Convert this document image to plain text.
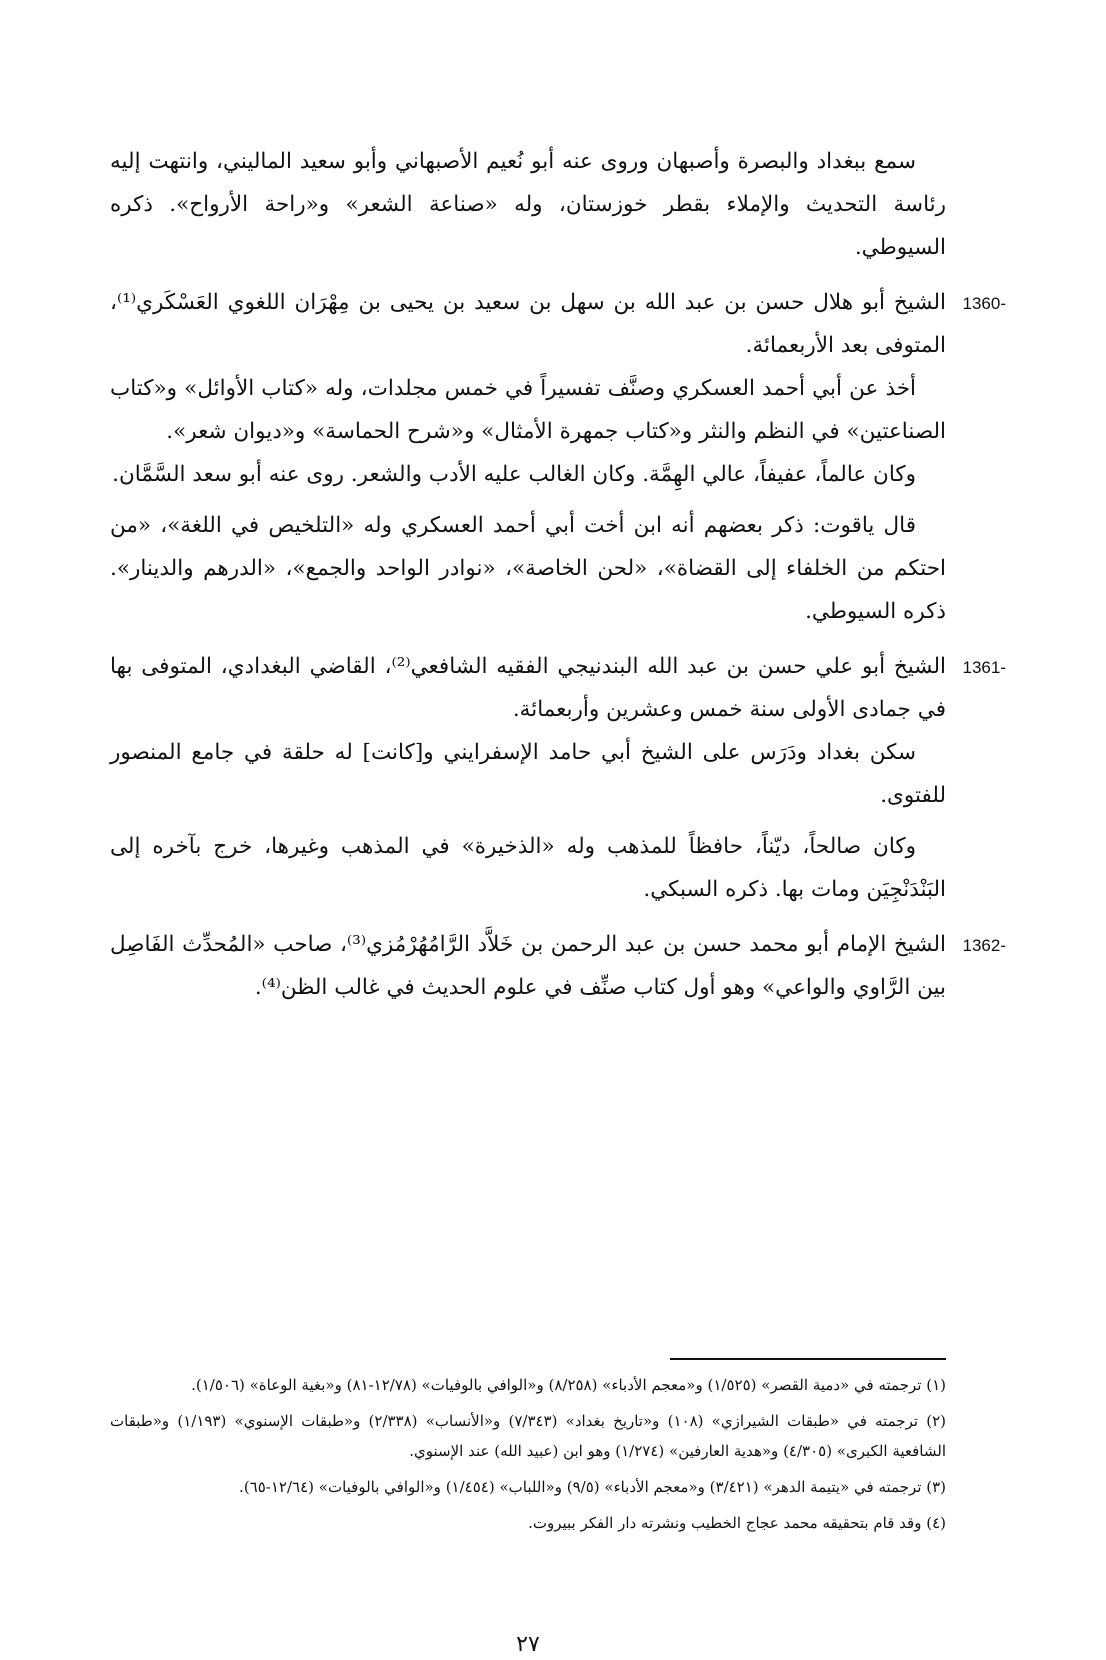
سمع ببغداد والبصرة وأصبهان وروى عنه أبو نُعيم الأصبهاني وأبو سعيد الماليني، وانتهت إليه رئاسة التحديث والإملاء بقطر خوزستان، وله «صناعة الشعر» و«راحة الأرواح». ذكره السيوطي.

1360-

الشيخ أبو هلال حسن بن عبد الله بن سهل بن سعيد بن يحيى بن مِهْرَان اللغوي العَسْكَري⁽¹⁾، المتوفى بعد الأربعمائة.

أخذ عن أبي أحمد العسكري وصنَّف تفسيراً في خمس مجلدات، وله «كتاب الأوائل» و«كتاب الصناعتين» في النظم والنثر و«كتاب جمهرة الأمثال» و«شرح الحماسة» و«ديوان شعر».

وكان عالماً، عفيفاً، عالي الهِمَّة. وكان الغالب عليه الأدب والشعر. روى عنه أبو سعد السَّمَّان.

قال ياقوت: ذكر بعضهم أنه ابن أخت أبي أحمد العسكري وله «التلخيص في اللغة»، «من احتكم من الخلفاء إلى القضاة»، «لحن الخاصة»، «نوادر الواحد والجمع»، «الدرهم والدينار». ذكره السيوطي.

1361-

الشيخ أبو علي حسن بن عبد الله البندنيجي الفقيه الشافعي⁽²⁾، القاضي البغدادي، المتوفى بها في جمادى الأولى سنة خمس وعشرين وأربعمائة.

سكن بغداد ودَرَس على الشيخ أبي حامد الإسفرايني و[كانت] له حلقة في جامع المنصور للفتوى.

وكان صالحاً، ديّناً، حافظاً للمذهب وله «الذخيرة» في المذهب وغيرها، خرج بآخره إلى البَنْدَنْجِيَن ومات بها. ذكره السبكي.

1362-

الشيخ الإمام أبو محمد حسن بن عبد الرحمن بن خَلاَّد الرَّامُهُرْمُزي⁽³⁾، صاحب «المُحدِّث الفَاصِل بين الرَّاوي والواعي» وهو أول كتاب صنِّف في علوم الحديث في غالب الظن⁽⁴⁾.

(١) ترجمته في «دمية القصر» (١/٥٢٥) و«معجم الأدباء» (٨/٢٥٨) و«الوافي بالوفيات» (١٢/٧٨-٨١) و«بغية الوعاة» (١/٥٠٦).

(٢) ترجمته في «طبقات الشيرازي» (١٠٨) و«تاريخ بغداد» (٧/٣٤٣) و«الأنساب» (٢/٣٣٨) و«طبقات الإسنوي» (١/١٩٣) و«طبقات الشافعية الكبرى» (٤/٣٠٥) و«هدية العارفين» (١/٢٧٤) وهو ابن (عبيد الله) عند الإسنوي.

(٣) ترجمته في «يتيمة الدهر» (٣/٤٢١) و«معجم الأدباء» (٩/٥) و«اللباب» (١/٤٥٤) و«الوافي بالوفيات» (١٢/٦٤-٦٥).

(٤) وقد قام بتحقيقه محمد عجاج الخطيب ونشرته دار الفكر ببيروت.

٢٧
